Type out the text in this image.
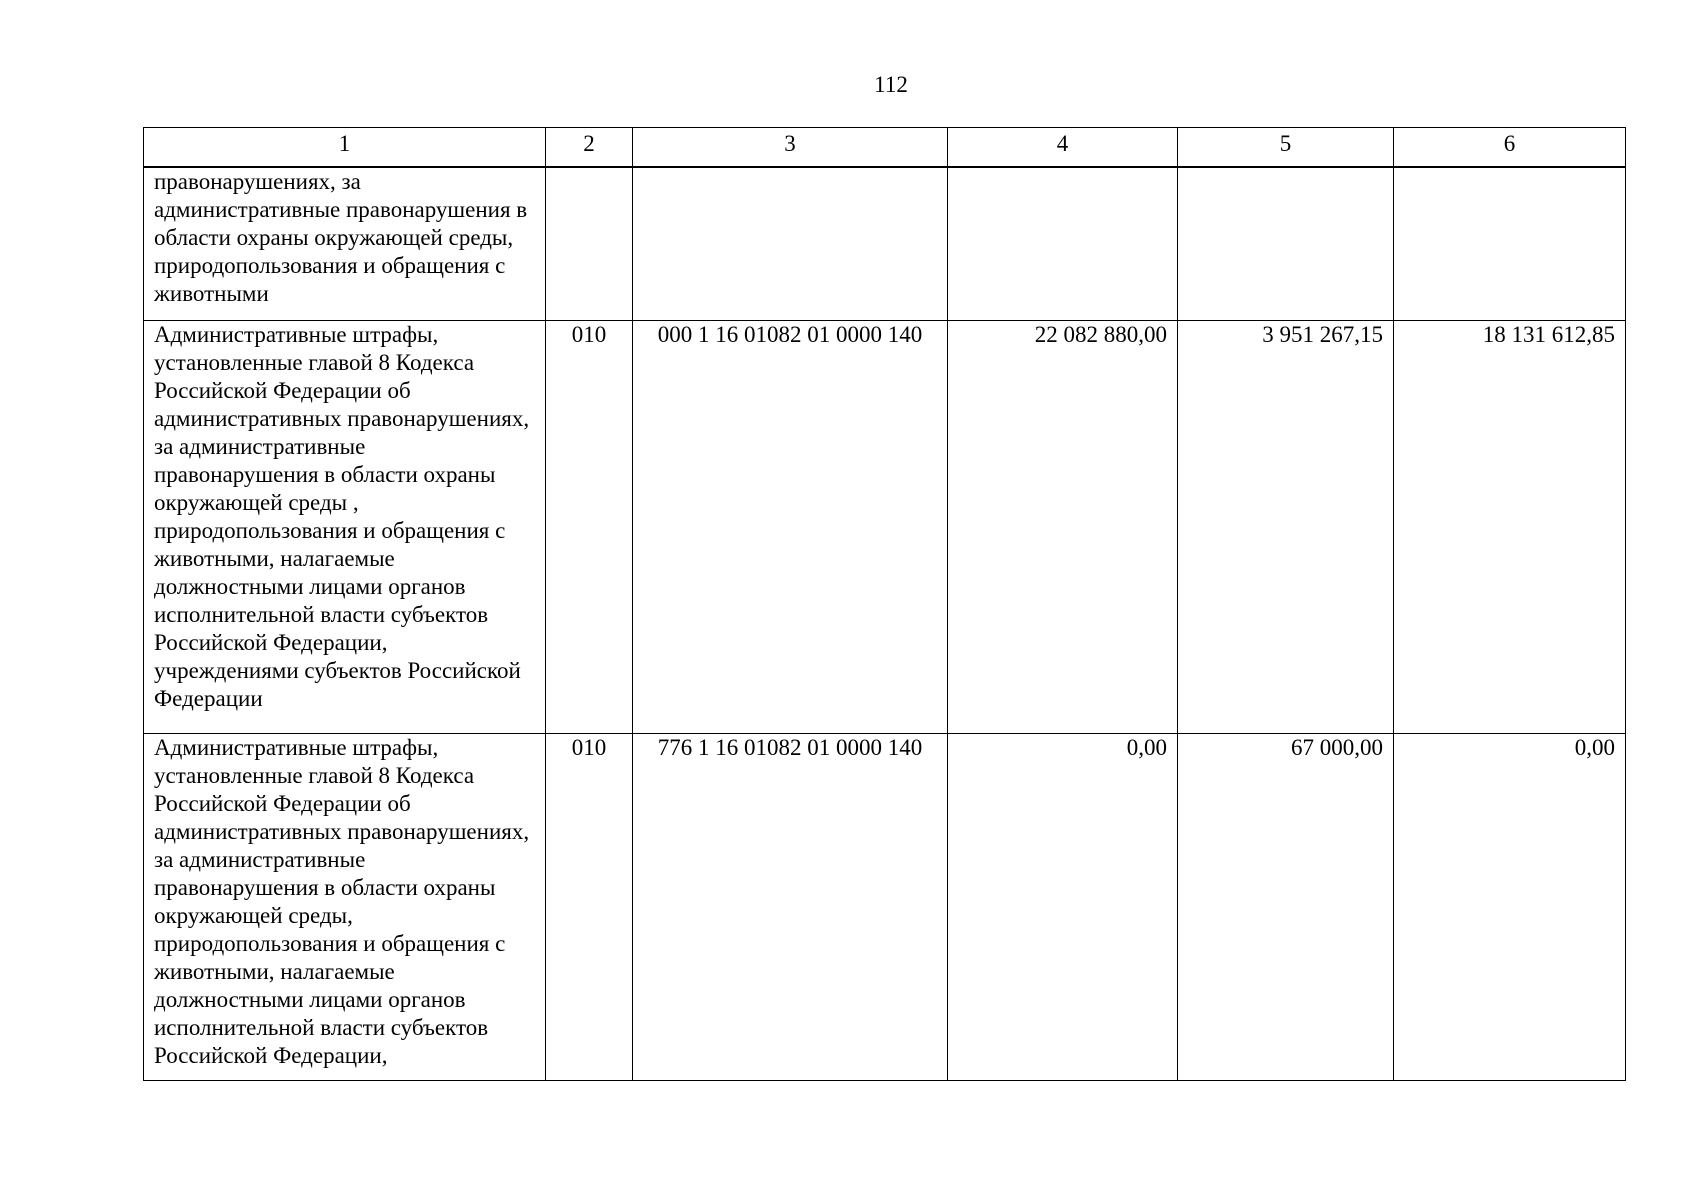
112
1	2	3	4	5	6
правонарушениях, за административные правонарушения в области охраны окружающей среды, природопользования и обращения с животными					
Административные штрафы, установленные главой 8 Кодекса Российской Федерации об административных правонарушениях, за административные правонарушения в области охраны окружающей среды , природопользования и обращения с животными, налагаемые должностными лицами органов исполнительной власти субъектов Российской Федерации, учреждениями субъектов Российской Федерации	010	000 1 16 01082 01 0000 140	22 082 880,00	3 951 267,15	18 131 612,85
Административные штрафы, установленные главой 8 Кодекса Российской Федерации об административных правонарушениях, за административные правонарушения в области охраны окружающей среды, природопользования и обращения с животными, налагаемые должностными лицами органов исполнительной власти субъектов Российской Федерации,	010	776 1 16 01082 01 0000 140	0,00	67 000,00	0,00
